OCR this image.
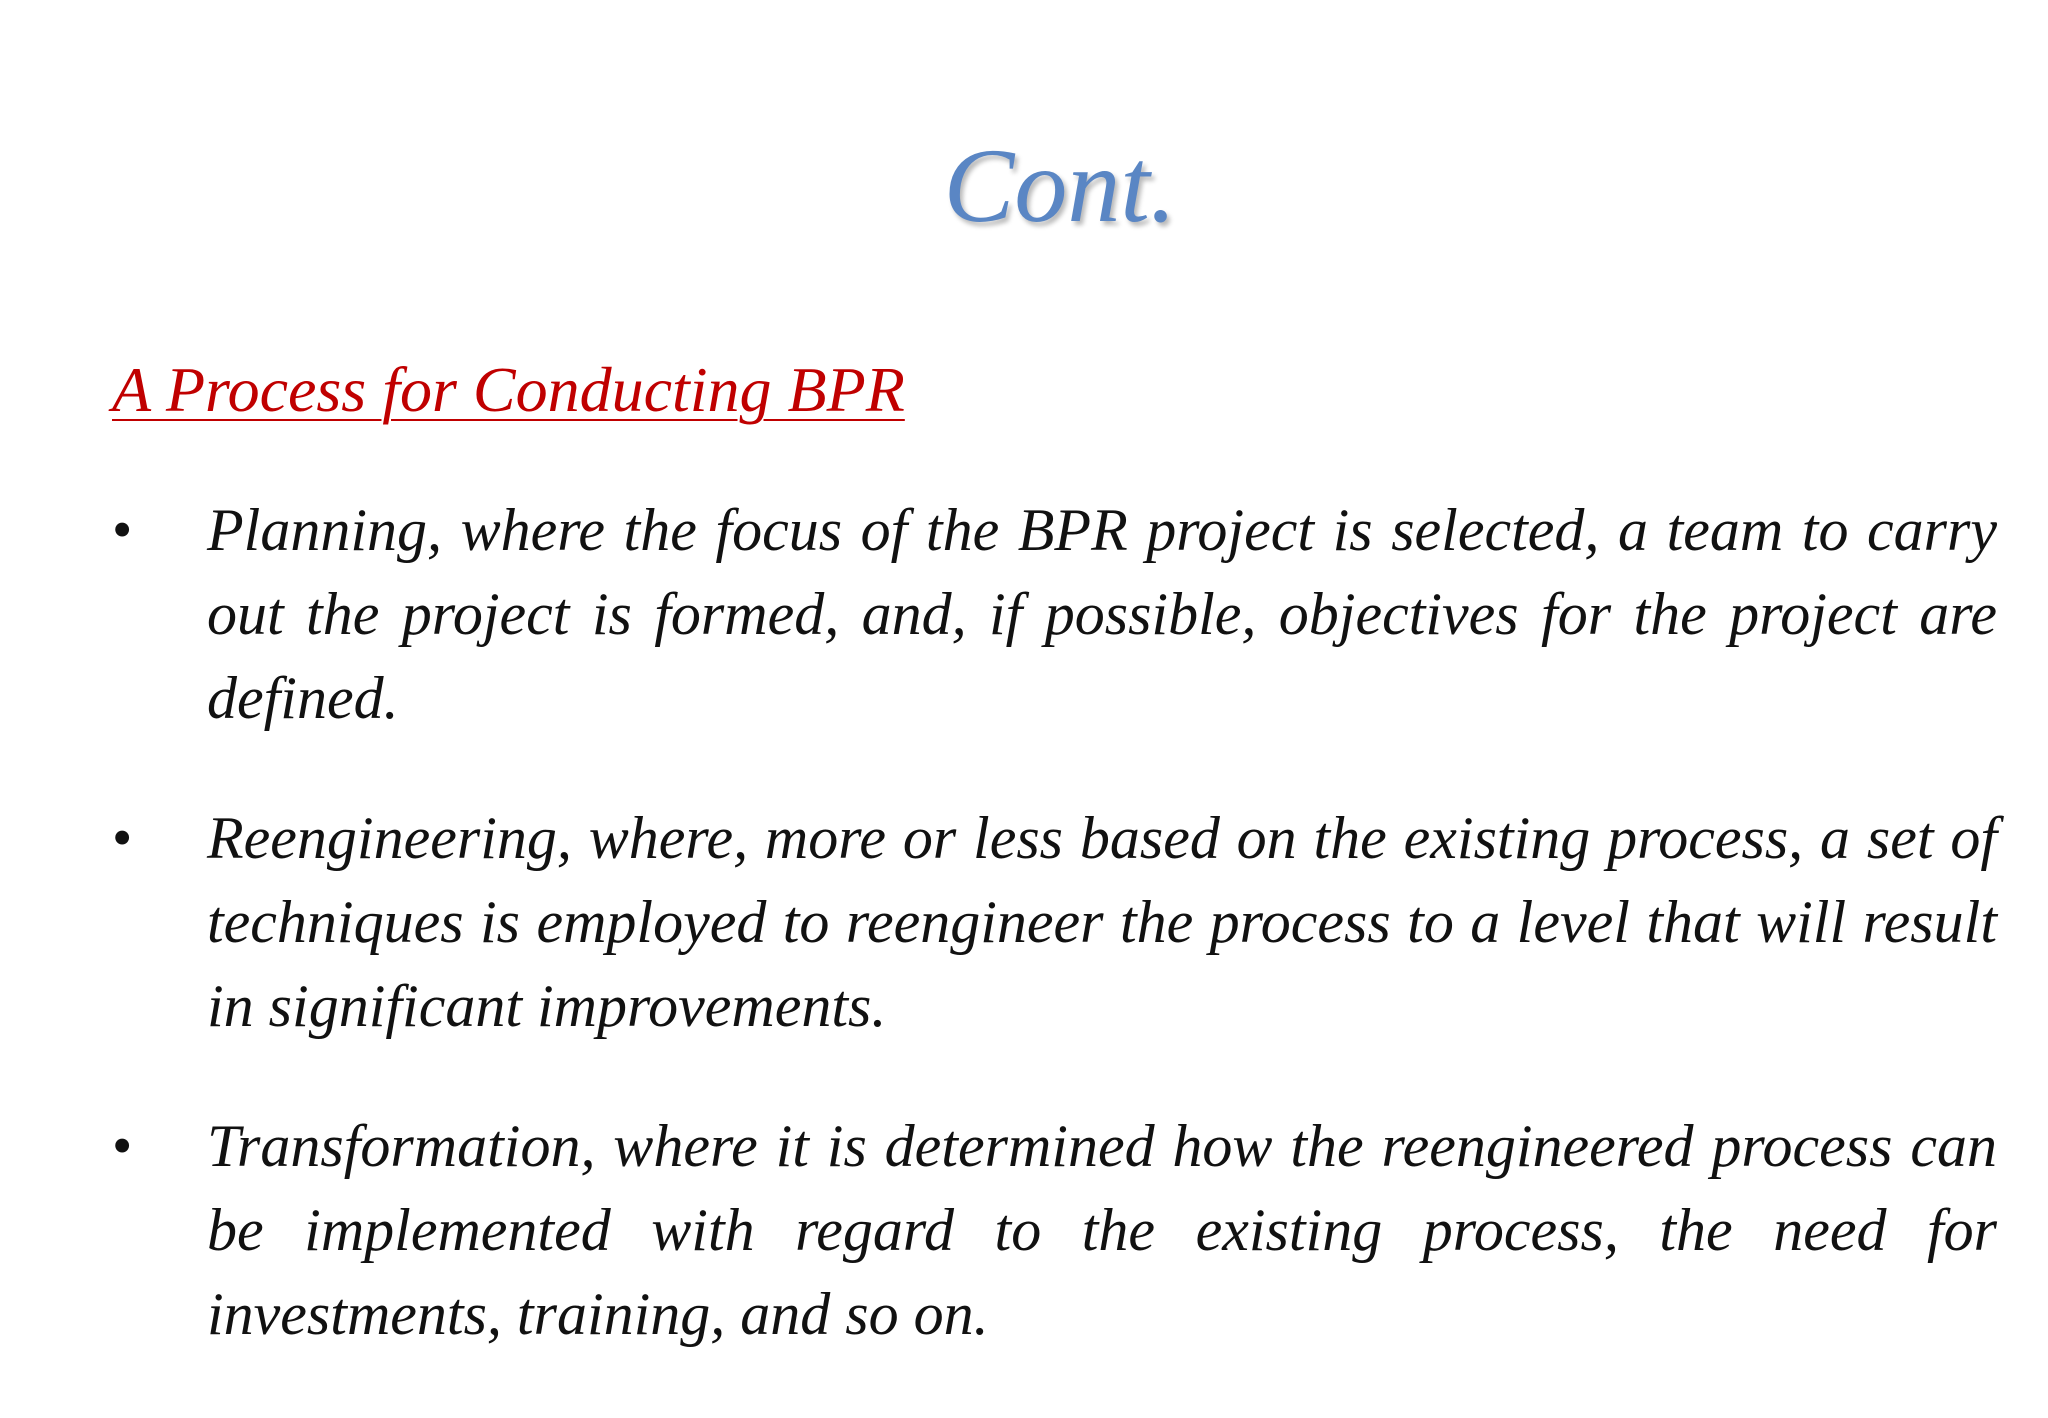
Cont.
A Process for Conducting BPR
• Planning, where the focus of the BPR project is selected, a team to carry out the project is formed, and, if possible, objectives for the project are defined.
• Reengineering, where, more or less based on the existing process, a set of techniques is employed to reengineer the process to a level that will result in significant improvements.
• Transformation, where it is determined how the reengineered process can be implemented with regard to the existing process, the need for investments, training, and so on.
